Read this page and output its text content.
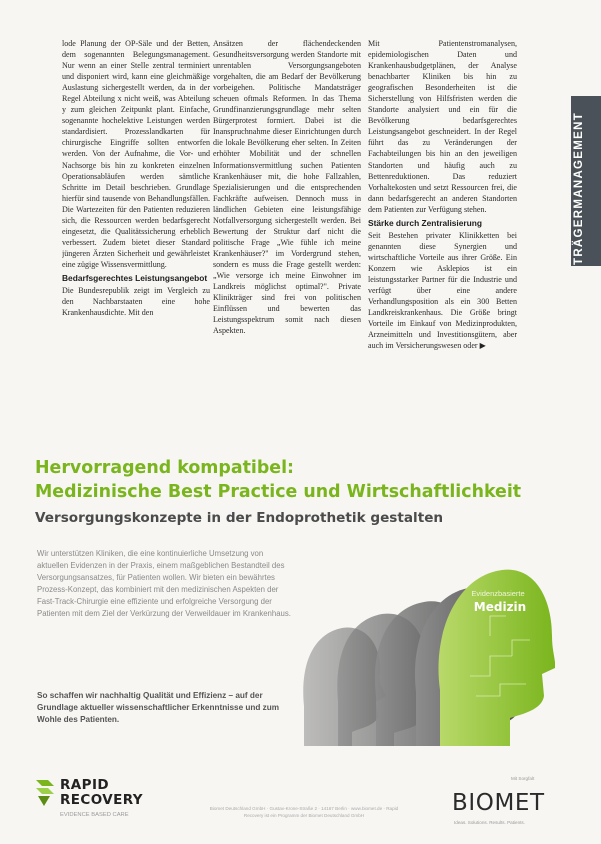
lode Planung der OP-Säle und der Betten, dem sogenannten Belegungsmanagement. Nur wenn an einer Stelle zentral terminiert und disponiert wird, kann eine gleichmäßige Auslastung sichergestellt werden, da in der Regel Abteilung x nicht weiß, was Abteilung y zum gleichen Zeitpunkt plant. Einfache, sogenannte hochelektive Leistungen werden standardisiert. Prozesslandkarten für chirurgische Eingriffe sollten entworfen werden. Von der Aufnahme, die Vor- und Nachsorge bis hin zu konkreten einzelnen Operationsabläufen werden sämtliche Schritte im Detail beschrieben. Grundlage hierfür sind tausende von Behandlungsfällen. Die Wartezeiten für den Patienten reduzieren sich, die Ressourcen werden bedarfsgerecht eingesetzt, die Qualitätssicherung erheblich verbessert. Zudem bietet dieser Standard jüngeren Ärzten Sicherheit und gewährleistet eine zügige Wissensvermittlung.

Bedarfsgerechtes Leistungsangebot

Die Bundesrepublik zeigt im Vergleich zu den Nachbarstaaten eine hohe Krankenhausdichte. Mit den

Ansätzen der flächendeckenden Gesundheitsversorgung werden Standorte mit unrentablen Versorgungsangeboten vorgehalten, die am Bedarf der Bevölkerung vorbeigehen. Politische Mandatsträger scheuen oftmals Reformen. In das Thema Grundfinanzierungsgrundlage mehr selten Bürgerprotest formiert. Dabei ist die Inanspruchnahme dieser Einrichtungen durch die lokale Bevölkerung eher selten. In Zeiten erhöhter Mobilität und der schnellen Informationsvermittlung suchen Patienten Krankenhäuser mit, die hohe Fallzahlen, Spezialisierungen und die entsprechenden Fachkräfte aufweisen. Dennoch muss in ländlichen Gebieten eine leistungsfähige Notfallversorgung sichergestellt werden. Bei Bewertung der Struktur darf nicht die politische Frage „Wie fühle ich meine Krankenhäuser?" im Vordergrund stehen, sondern es muss die Frage gestellt werden: „Wie versorge ich meine Einwohner im Landkreis möglichst optimal?". Private Klinikträger sind frei von politischen Einflüssen und bewerten das Leistungsspektrum somit nach diesen Aspekten.

Mit Patientenstromanalysen, epidemiologischen Daten und Krankenhausbudgetplänen, der Analyse benachbarter Kliniken bis hin zu geografischen Besonderheiten ist die Sicherstellung von Hilfsfristen werden die Standorte analysiert und ein für die Bevölkerung bedarfsgerechtes Leistungsangebot geschneidert. In der Regel führt das zu Veränderungen der Fachabteilungen bis hin an den jeweiligen Standorten und häufig auch zu Bettenreduktionen. Das reduziert Vorhaltekosten und setzt Ressourcen frei, die dann bedarfsgerecht an anderen Standorten dem Patienten zur Verfügung stehen.

Stärke durch Zentralisierung

Seit Bestehen privater Klinikketten bei genannten diese Synergien und wirtschaftliche Vorteile aus ihrer Größe. Ein Konzern wie Asklepios ist ein leistungsstarker Partner für die Industrie und verfügt über eine andere Verhandlungsposition als ein 300 Betten Landkreiskrankenhaus. Die Größe bringt Vorteile im Einkauf von Medizinprodukten, Arzneimitteln und Investitionsgütern, aber auch im Versicherungswesen oder ▶

TRÄGERMANAGEMENT
Hervorragend kompatibel:
Medizinische Best Practice und Wirtschaftlichkeit
Versorgungskonzepte in der Endoprothetik gestalten
Wir unterstützen Kliniken, die eine kontinuierliche Umsetzung von aktuellen Evidenzen in der Praxis, einem maßgeblichen Bestandteil des Versorgungsansatzes, für Patienten wollen. Wir bieten ein bewährtes Prozess-Konzept, das kombiniert mit den medizinischen Aspekten der Fast-Track-Chirurgie eine effiziente und erfolgreiche Versorgung der Patienten mit dem Ziel der Verkürzung der Verweildauer im Krankenhaus.
So schaffen wir nachhaltig Qualität und Effizienz – auf der Grundlage aktueller wissenschaftlicher Erkenntnisse und zum Wohle des Patienten.
Evidenzbasierte
Medizin
RAPID
RECOVERY
EVIDENCE BASED CARE
Biomet Deutschland GmbH · Gustav-Krone-Straße 2 · 14167 Berlin · www.biomet.de · Rapid Recovery ist ein Programm der Biomet Deutschland GmbH
Mit Sorgfalt
BIOMET
Ideas. Solutions. Results. Patients.
